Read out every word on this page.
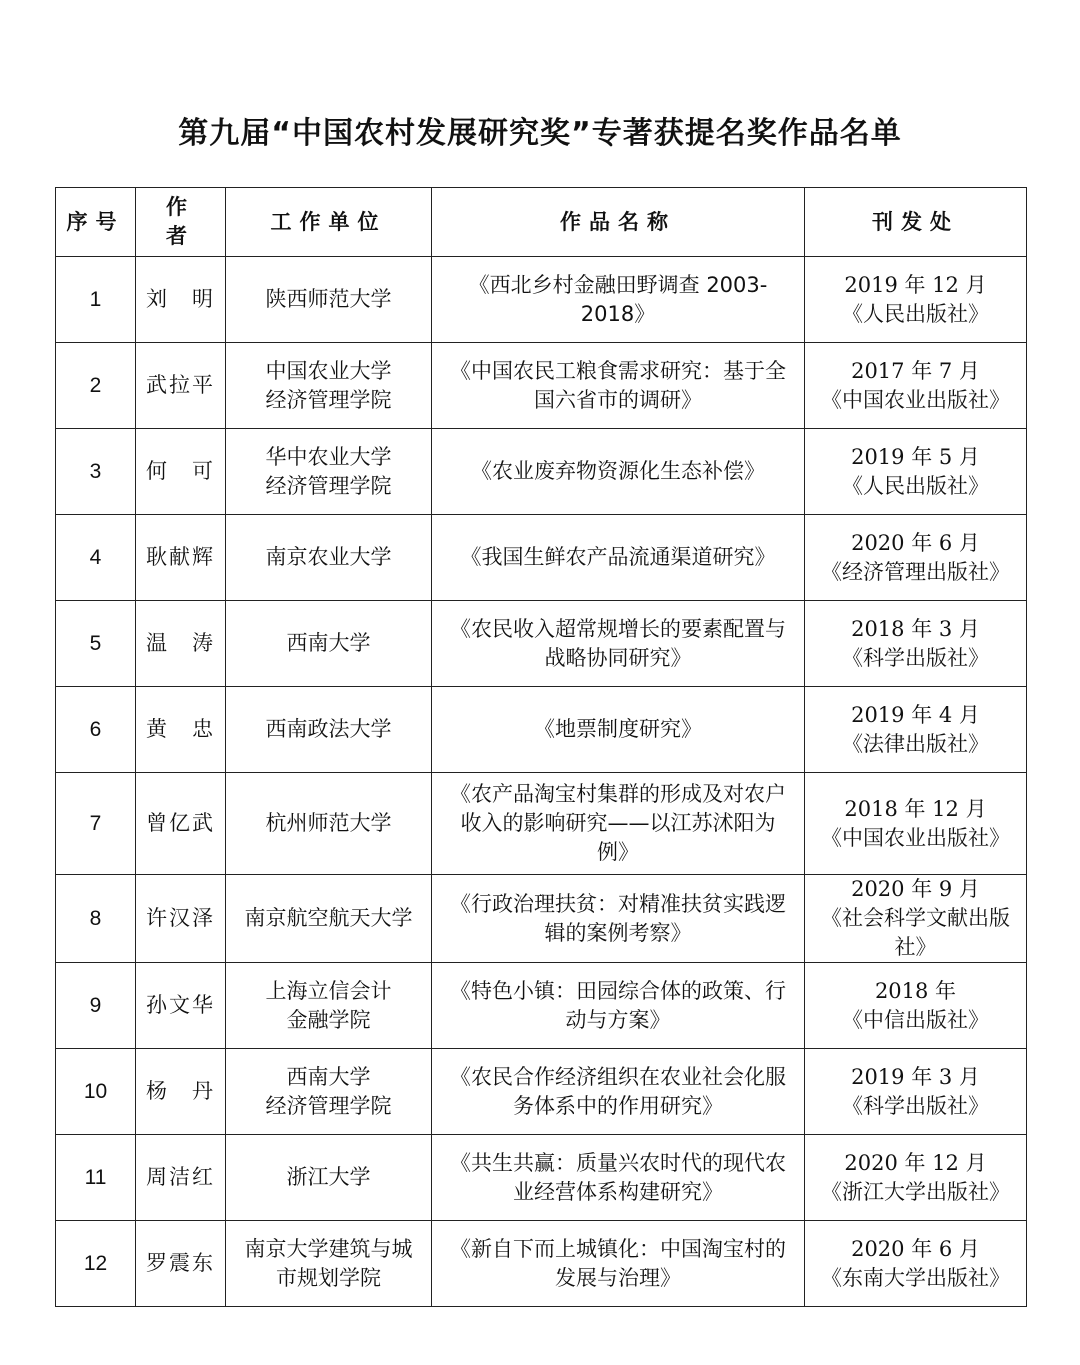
第九届“中国农村发展研究奖”专著获提名奖作品名单
序号	作　者	工作单位	作品名称	刊发处
1	刘　明	陕西师范大学	《西北乡村金融田野调查 2003-2018》	2019 年 12 月
《人民出版社》

2	武拉平	中国农业大学
经济管理学院	《中国农民工粮食需求研究：基于全
国六省市的调研》	2017 年 7 月
《中国农业出版社》

3	何　可	华中农业大学
经济管理学院	《农业废弃物资源化生态补偿》	2019 年 5 月
《人民出版社》

4	耿献辉	南京农业大学	《我国生鲜农产品流通渠道研究》	2020 年 6 月
《经济管理出版社》

5	温　涛	西南大学	《农民收入超常规增长的要素配置与
战略协同研究》	2018 年 3 月
《科学出版社》

6	黄　忠	西南政法大学	《地票制度研究》	2019 年 4 月
《法律出版社》

7	曾亿武	杭州师范大学	《农产品淘宝村集群的形成及对农户
收入的影响研究——以江苏沭阳为
例》	2018 年 12 月
《中国农业出版社》

8	许汉泽	南京航空航天大学	《行政治理扶贫：对精准扶贫实践逻
辑的案例考察》	2020 年 9 月
《社会科学文献出版
社》

9	孙文华	上海立信会计
金融学院	《特色小镇：田园综合体的政策、行
动与方案》	2018 年
《中信出版社》

10	杨　丹	西南大学
经济管理学院	《农民合作经济组织在农业社会化服
务体系中的作用研究》	2019 年 3 月
《科学出版社》

11	周洁红	浙江大学	《共生共赢：质量兴农时代的现代农
业经营体系构建研究》	2020 年 12 月
《浙江大学出版社》

12	罗震东	南京大学建筑与城
市规划学院	《新自下而上城镇化：中国淘宝村的
发展与治理》	2020 年 6 月
《东南大学出版社》
